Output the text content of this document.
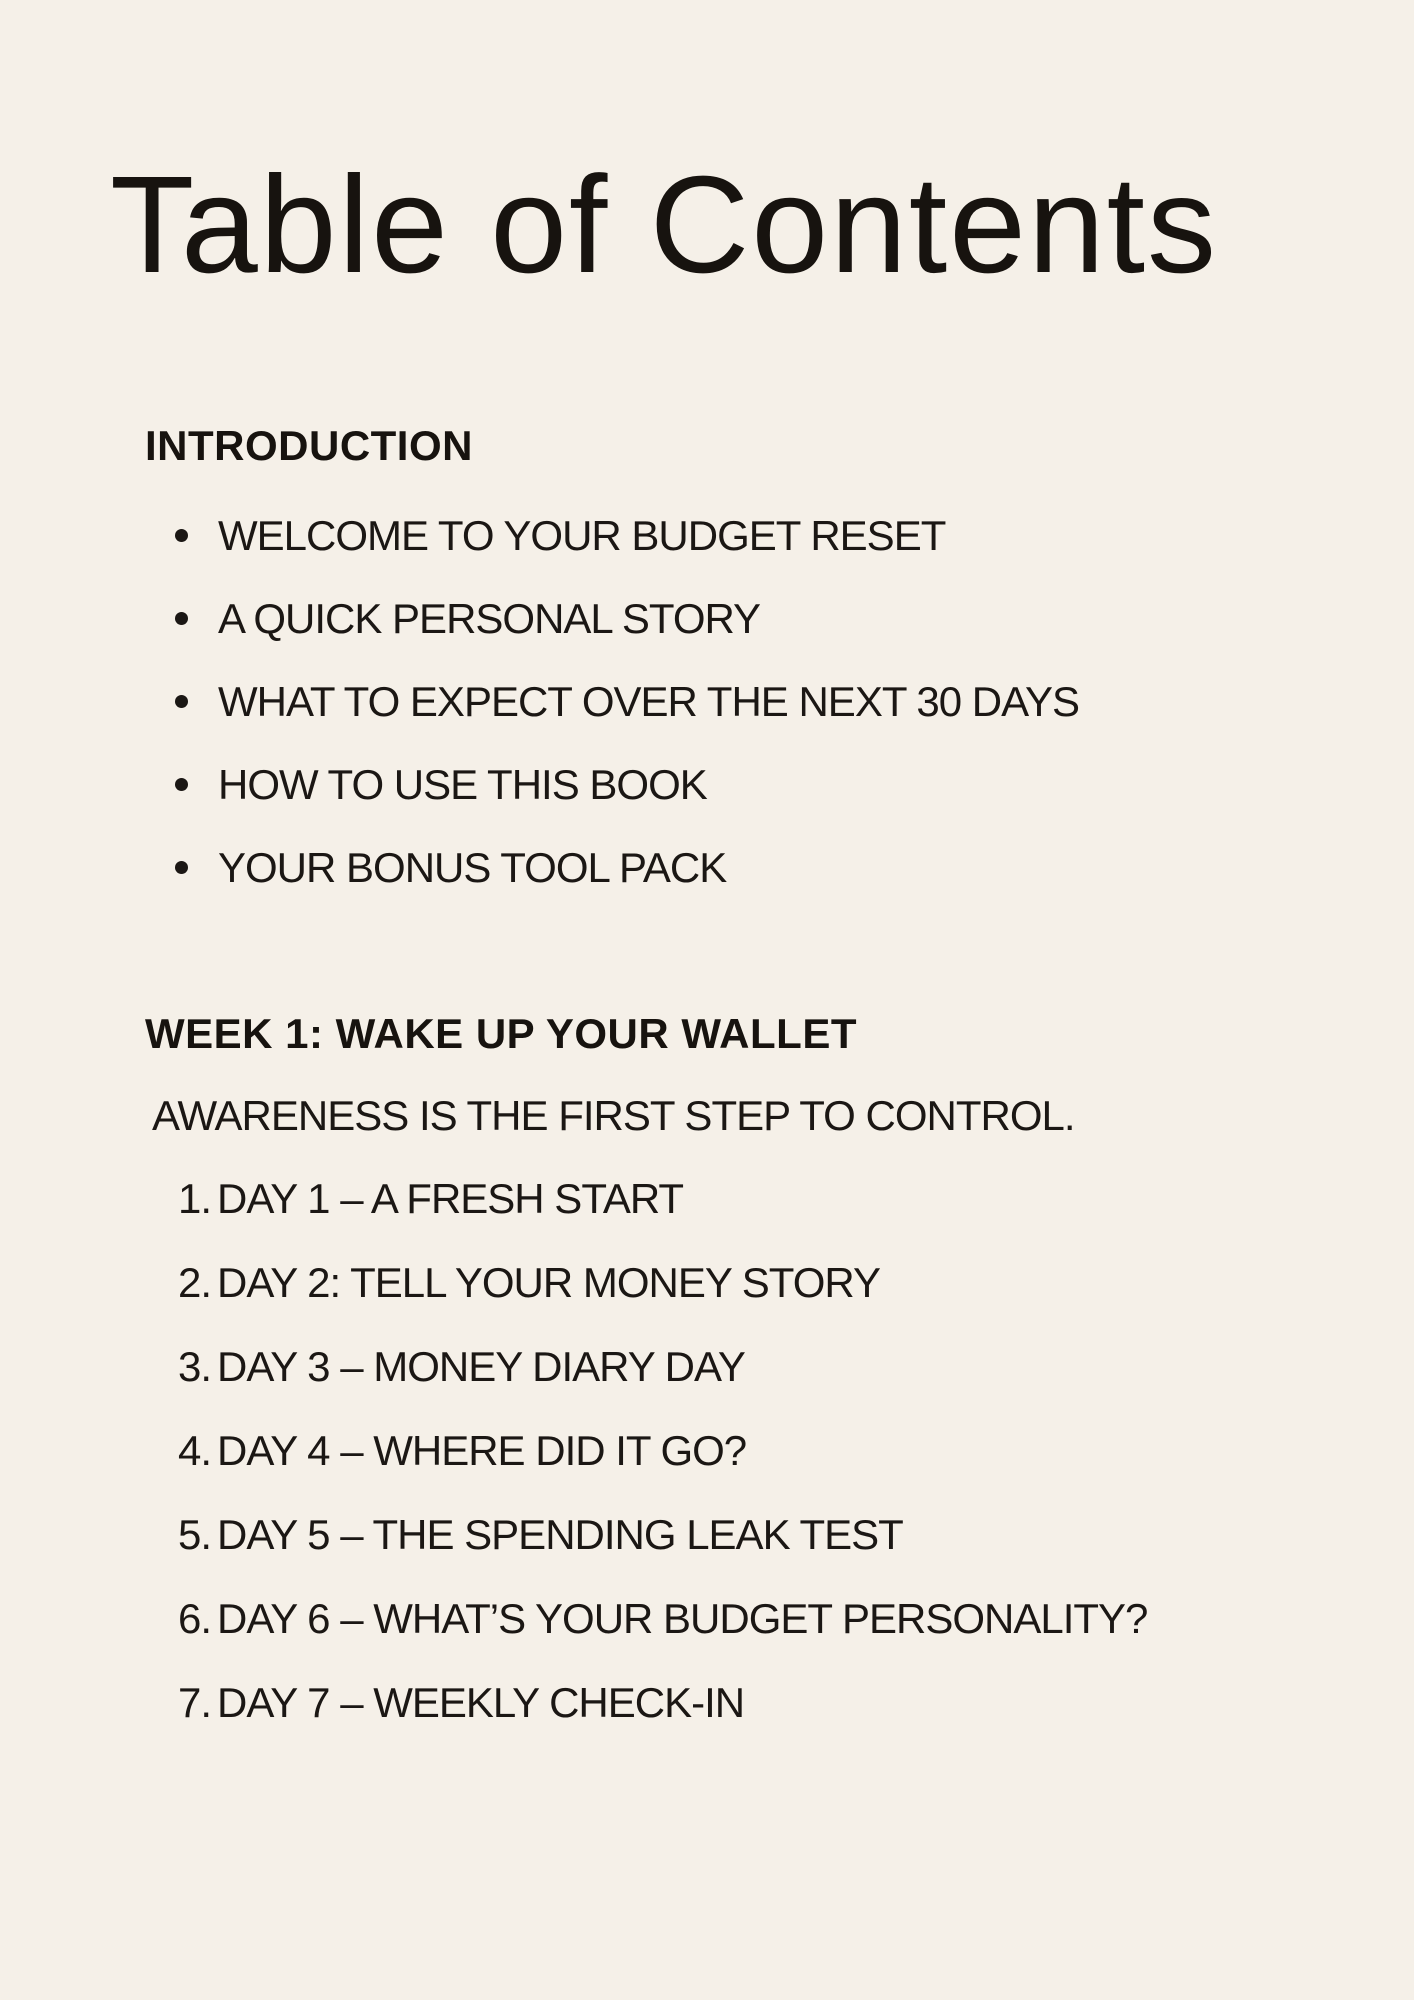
Table of Contents
INTRODUCTION
WELCOME TO YOUR BUDGET RESET
A QUICK PERSONAL STORY
WHAT TO EXPECT OVER THE NEXT 30 DAYS
HOW TO USE THIS BOOK
YOUR BONUS TOOL PACK
WEEK 1: WAKE UP YOUR WALLET

AWARENESS IS THE FIRST STEP TO CONTROL.

1. DAY 1 – A FRESH START
2. DAY 2: TELL YOUR MONEY STORY
3. DAY 3 – MONEY DIARY DAY
4. DAY 4 – WHERE DID IT GO?
5. DAY 5 – THE SPENDING LEAK TEST
6. DAY 6 – WHAT’S YOUR BUDGET PERSONALITY?
7. DAY 7 – WEEKLY CHECK-IN
